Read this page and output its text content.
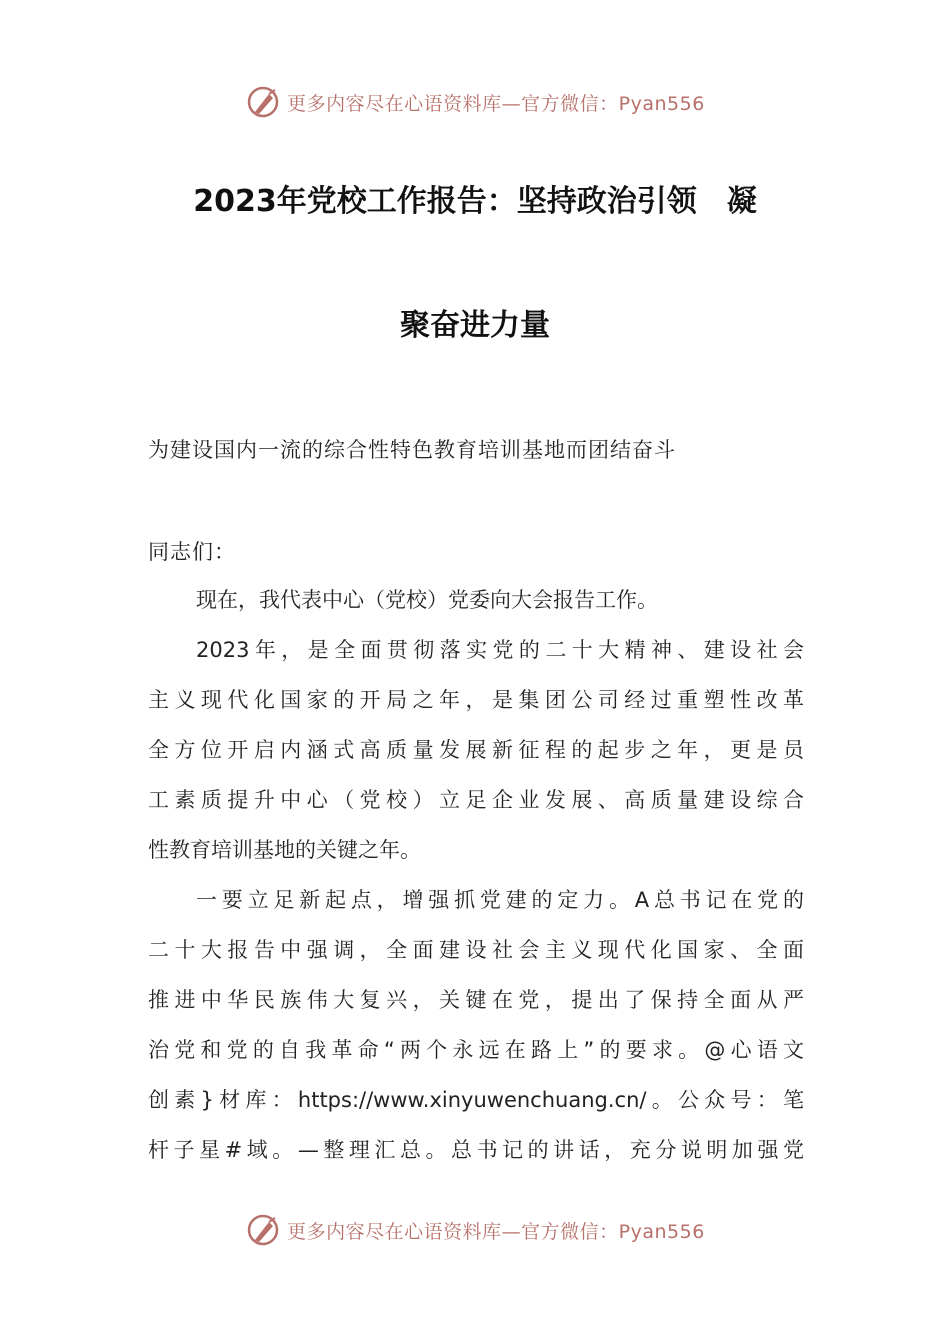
更多内容尽在心语资料库—官方微信：Pyan556
2023年党校工作报告：坚持政治引领　凝
聚奋进力量
为建设国内一流的综合性特色教育培训基地而团结奋斗
同志们：
现在，我代表中心（党校）党委向大会报告工作。
2023年，是全面贯彻落实党的二十大精神、建设社会
主义现代化国家的开局之年，是集团公司经过重塑性改革
全方位开启内涵式高质量发展新征程的起步之年，更是员
工素质提升中心（党校）立足企业发展、高质量建设综合
性教育培训基地的关键之年。
一要立足新起点，增强抓党建的定力。A总书记在党的
二十大报告中强调，全面建设社会主义现代化国家、全面
推进中华民族伟大复兴，关键在党，提出了保持全面从严
治党和党的自我革命“两个永远在路上”的要求。@心语文
创素}材库：https://www.xinyuwenchuang.cn/。公众号：笔
杆子星#域。—整理汇总。总书记的讲话，充分说明加强党
更多内容尽在心语资料库—官方微信：Pyan556
